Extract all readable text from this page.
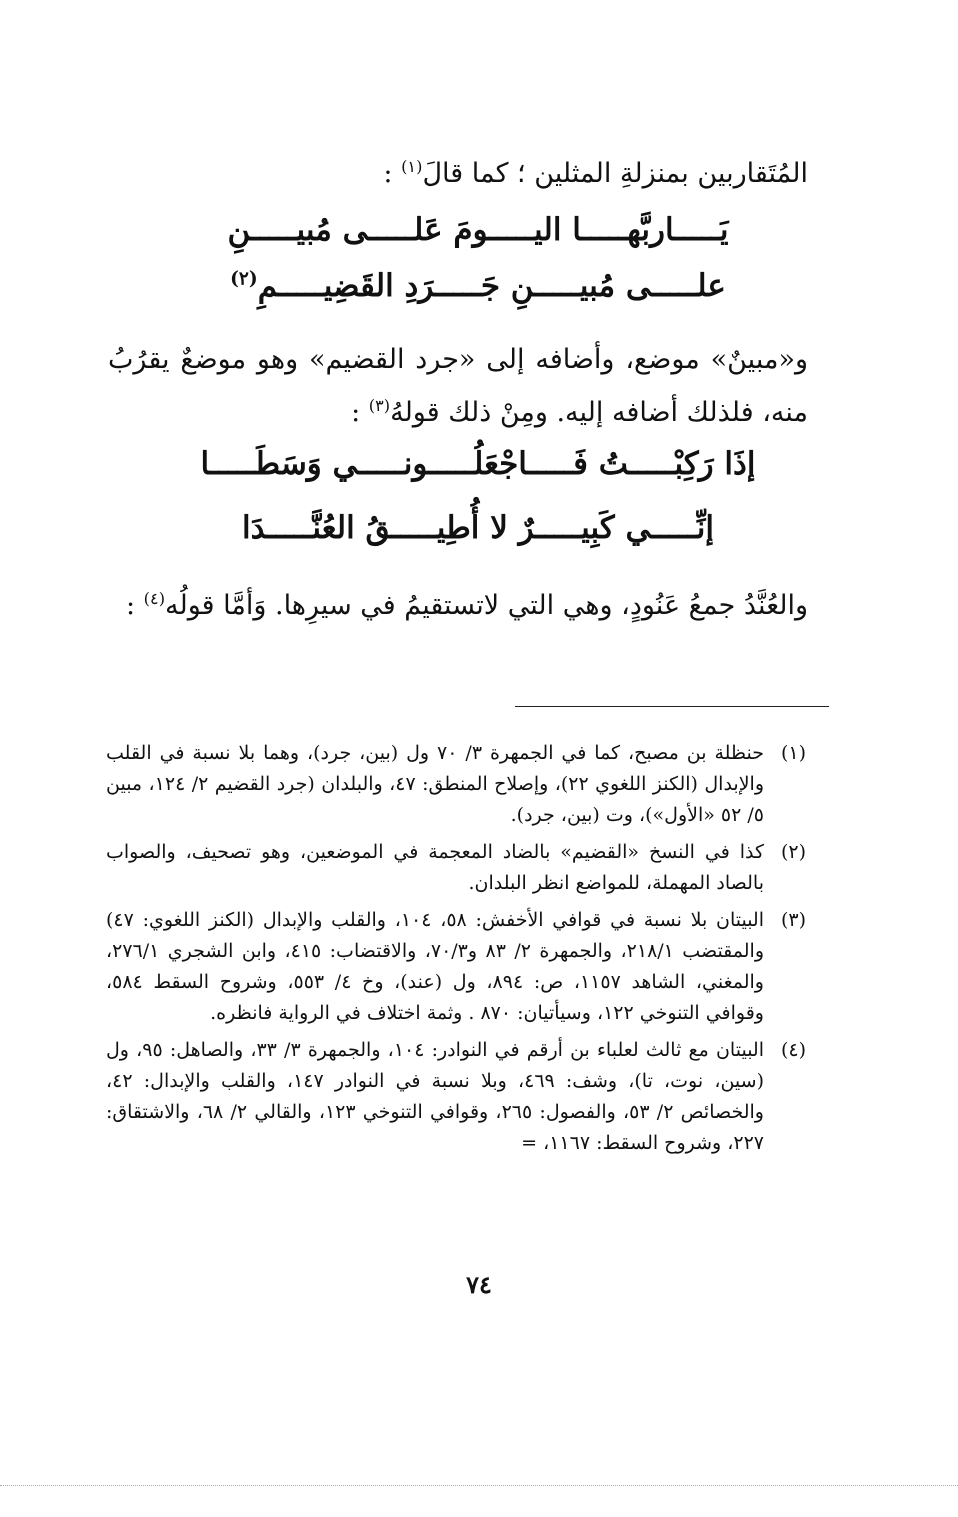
المُتَقاربين بمنزلةِ المثلين ؛ كما قالَ$^{(١)}$ :
يَـــــاربَّهـــــا اليـــــومَ عَلـــــى مُبيـــــنِ
علـــــى مُبيـــــنِ جَـــــرَدِ القَضِيـــــمِ$^{(٢)}$
و«مبينٌ» موضع، وأضافه إلى «جرد القضيم» وهو موضعٌ يقرُبُ منه، فلذلك أضافه إليه. ومِنْ ذلك قولهُ$^{(٣)}$ :
إذَا رَكِبْـــــتُ فَـــــاجْعَلُـــــونـــــي وَسَطَـــــا
إنِّـــــي كَبِيـــــرٌ لا أُطِيـــــقُ العُنَّـــــدَا
والعُنَّدُ جمعُ عَنُودٍ، وهي التي لاتستقيمُ في سيرِها. وَأمَّا قولُه$^{(٤)}$ :
(١)
حنظلة بن مصبح، كما في الجمهرة ٣/ ٧٠ ول (بين، جرد)، وهما بلا نسبة في القلب والإبدال (الكنز اللغوي ٢٢)، وإصلاح المنطق: ٤٧، والبلدان (جرد القضيم ٢/ ١٢٤، مبين ٥/ ٥٢ «الأول»)، وت (بين، جرد).
(٢)
كذا في النسخ «القضيم» بالضاد المعجمة في الموضعين، وهو تصحيف، والصواب بالصاد المهملة، للمواضع انظر البلدان.
(٣)
البيتان بلا نسبة في قوافي الأخفش: ٥٨، ١٠٤، والقلب والإبدال (الكنز اللغوي: ٤٧) والمقتضب ٢١٨/١، والجمهرة ٢/ ٨٣ و٧٠/٣، والاقتضاب: ٤١٥، وابن الشجري ٢٧٦/١، والمغني، الشاهد ١١٥٧، ص: ٨٩٤، ول (عند)، وخ ٤/ ٥٥٣، وشروح السقط ٥٨٤، وقوافي التنوخي ١٢٢، وسيأتيان: ٨٧٠ . وثمة اختلاف في الرواية فانظره.
(٤)
البيتان مع ثالث لعلباء بن أرقم في النوادر: ١٠٤، والجمهرة ٣/ ٣٣، والصاهل: ٩٥، ول (سين، نوت، تا)، وشف: ٤٦٩، وبلا نسبة في النوادر ١٤٧، والقلب والإبدال: ٤٢، والخصائص ٢/ ٥٣، والفصول: ٢٦٥، وقوافي التنوخي ١٢٣، والقالي ٢/ ٦٨، والاشتقاق: ٢٢٧، وشروح السقط: ١١٦٧، =
٧٤
